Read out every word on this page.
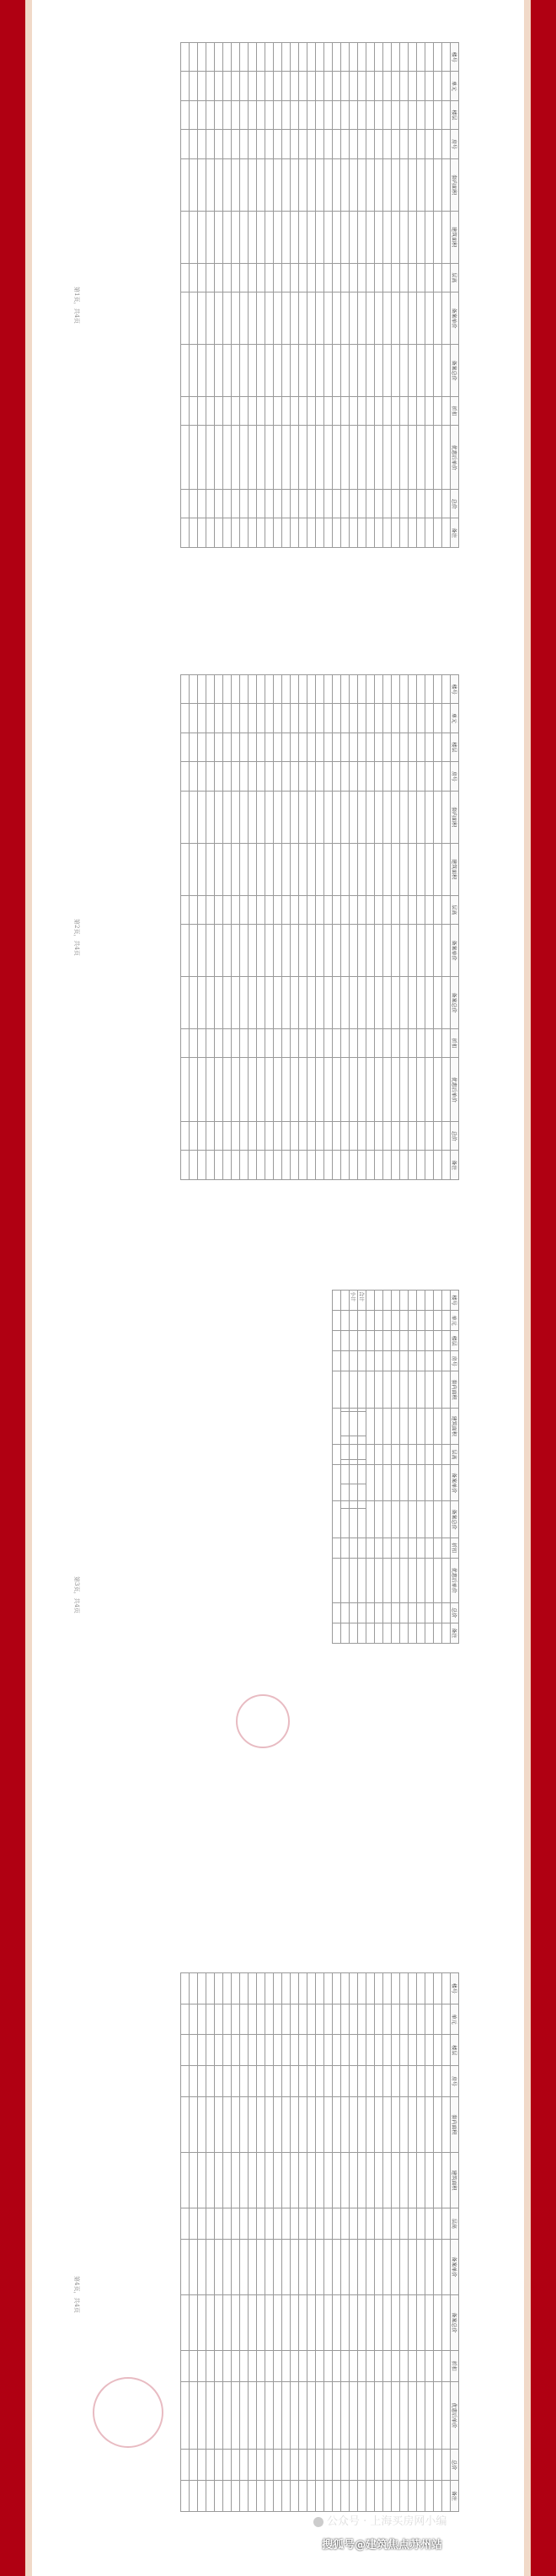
楼号	单元	楼层	房号	套内面积	建筑面积	层高	备案单价	备案总价	折扣	优惠后单价	总价	备注

第1页，共4页
楼号	单元	楼层	房号	套内面积	建筑面积	层高	备案单价	备案总价	折扣	优惠后单价	总价	备注

第2页，共4页
楼号	单元	楼层	房号	套内面积	建筑面积	层高	备案单价	备案总价	折扣	优惠后单价	总价	备注

合计				
小计				

第3页，共4页
楼号	单元	楼层	房号	套内面积	建筑面积	层高	备案单价	备案总价	折扣	优惠后单价	总价	备注

第4页，共4页
公众号 · 上海买房网小编
搜狐号@建筑焦点苏州站
